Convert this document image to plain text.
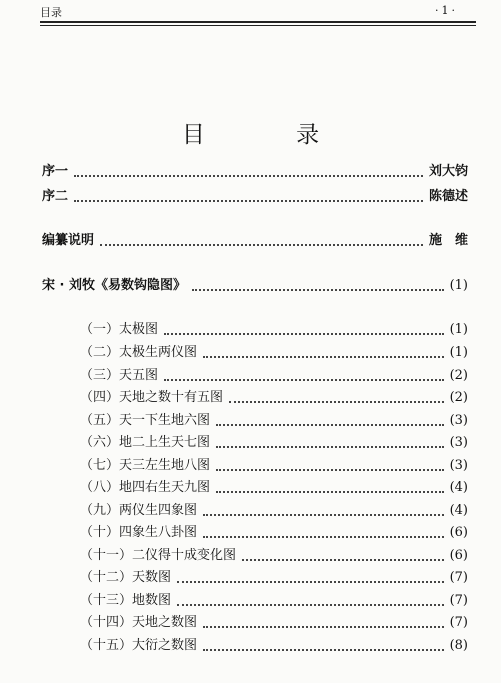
目录	·1·
目 录
序一	刘大钧
序二	陈德述
编纂说明	施　维
宋 · 刘牧《易数钩隐图》	(1)
（一）太极图	(1)
（二）太极生两仪图	(1)
（三）天五图	(2)
（四）天地之数十有五图	(2)
（五）天一下生地六图	(3)
（六）地二上生天七图	(3)
（七）天三左生地八图	(3)
（八）地四右生天九图	(4)
（九）两仪生四象图	(4)
（十）四象生八卦图	(6)
（十一）二仪得十成变化图	(6)
（十二）天数图	(7)
（十三）地数图	(7)
（十四）天地之数图	(7)
（十五）大衍之数图	(8)
